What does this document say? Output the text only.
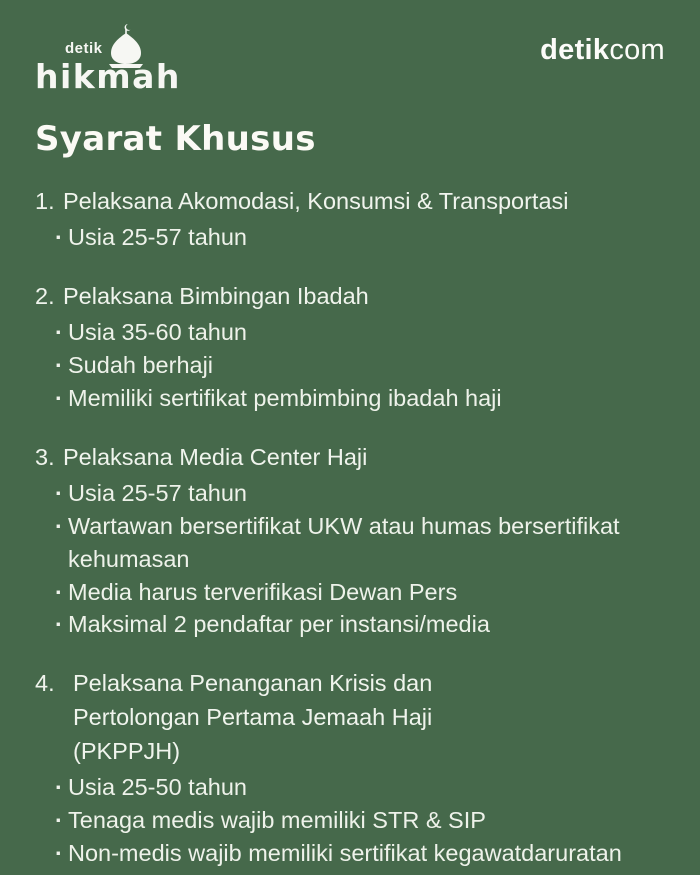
detik
hikmah
detikcom
Syarat Khusus
1. Pelaksana Akomodasi, Konsumsi & Transportasi
· Usia 25-57 tahun
2. Pelaksana Bimbingan Ibadah
· Usia 35-60 tahun
· Sudah berhaji
· Memiliki sertifikat pembimbing ibadah haji
3. Pelaksana Media Center Haji
· Usia 25-57 tahun
· Wartawan bersertifikat UKW atau humas bersertifikat kehumasan
· Media harus terverifikasi Dewan Pers
· Maksimal 2 pendaftar per instansi/media
4. Pelaksana Penanganan Krisis dan Pertolongan Pertama Jemaah Haji (PKPPJH)
· Usia 25-50 tahun
· Tenaga medis wajib memiliki STR & SIP
· Non-medis wajib memiliki sertifikat kegawatdaruratan
